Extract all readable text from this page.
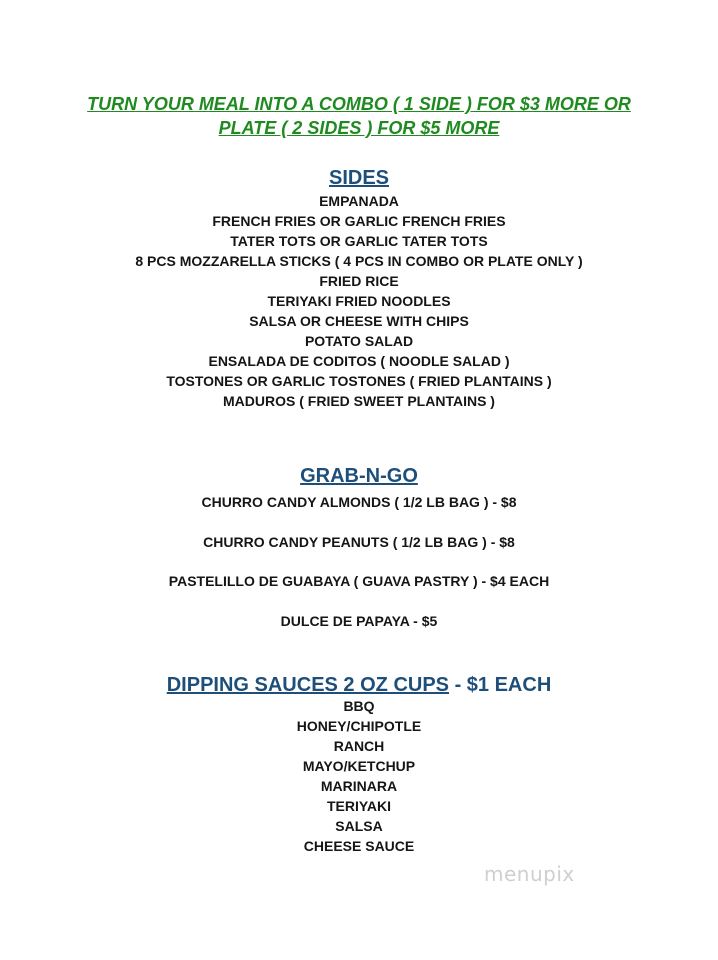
TURN YOUR MEAL INTO A COMBO ( 1 SIDE ) FOR $3 MORE OR
PLATE ( 2 SIDES ) FOR $5 MORE
SIDES
EMPANADA
FRENCH FRIES OR GARLIC FRENCH FRIES
TATER TOTS OR GARLIC TATER TOTS
8 PCS MOZZARELLA STICKS ( 4 PCS IN COMBO OR PLATE ONLY )
FRIED RICE
TERIYAKI FRIED NOODLES
SALSA OR CHEESE WITH CHIPS
POTATO SALAD
ENSALADA DE CODITOS ( NOODLE SALAD )
TOSTONES OR GARLIC TOSTONES ( FRIED PLANTAINS )
MADUROS ( FRIED SWEET PLANTAINS )
GRAB-N-GO
CHURRO CANDY ALMONDS ( 1/2 LB BAG ) - $8
CHURRO CANDY PEANUTS ( 1/2 LB BAG ) - $8
PASTELILLO DE GUABAYA ( GUAVA PASTRY ) - $4 EACH
DULCE DE PAPAYA - $5
DIPPING SAUCES 2 OZ CUPS - $1 EACH
BBQ
HONEY/CHIPOTLE
RANCH
MAYO/KETCHUP
MARINARA
TERIYAKI
SALSA
CHEESE SAUCE
menupix
